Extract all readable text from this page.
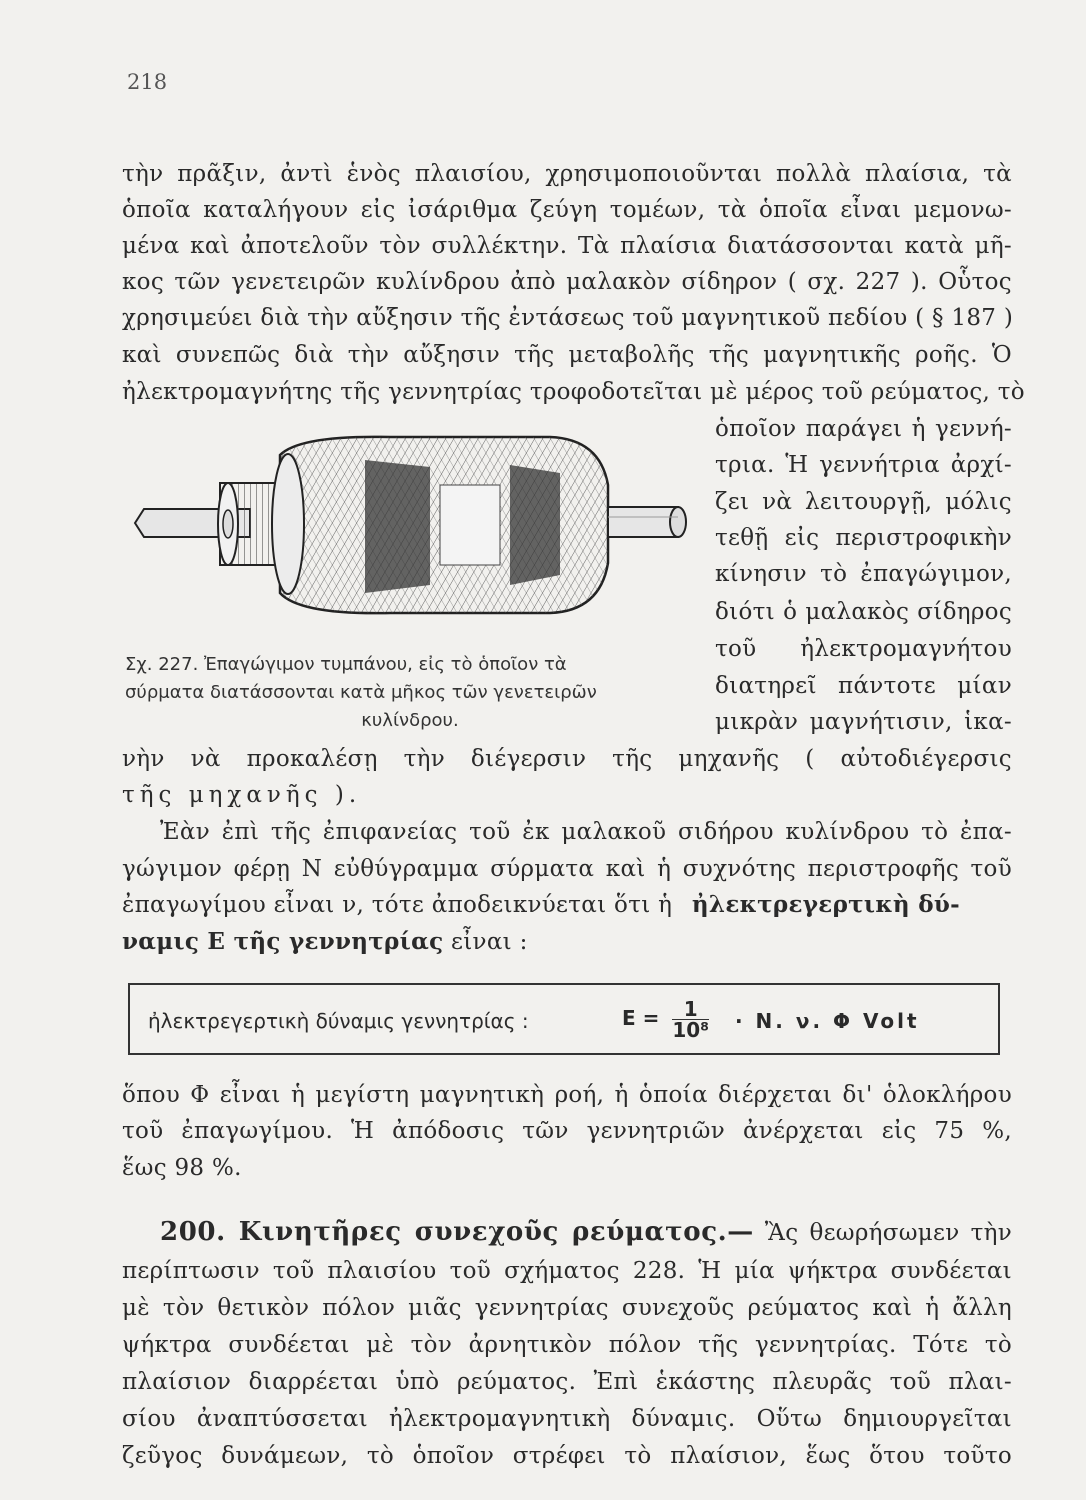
218
τὴν πρᾶξιν, ἀντὶ ἑνὸς πλαισίου, χρησιμοποιοῦνται πολλὰ πλαίσια, τὰ
ὁποῖα καταλήγουν εἰς ἰσάριθμα ζεύγη τομέων, τὰ ὁποῖα εἶναι μεμονω-
μένα καὶ ἀποτελοῦν τὸν συλλέκτην. Τὰ πλαίσια διατάσσονται κατὰ μῆ-
κος τῶν γενετειρῶν κυλίνδρου ἀπὸ μαλακὸν σίδηρον ( σχ. 227 ). Οὗτος
χρησιμεύει διὰ τὴν αὔξησιν τῆς ἐντάσεως τοῦ μαγνητικοῦ πεδίου ( § 187 )
καὶ συνεπῶς διὰ τὴν αὔξησιν τῆς μεταβολῆς τῆς μαγνητικῆς ροῆς. Ὁ
ἠλεκτρομαγνήτης τῆς γεννητρίας τροφοδοτεῖται μὲ μέρος τοῦ ρεύματος, τὸ
ὁποῖον παράγει ἡ γεννή-
τρια. Ἡ γεννήτρια ἀρχί-
ζει νὰ λειτουργῇ, μόλις
τεθῇ εἰς περιστροφικὴν
κίνησιν τὸ ἐπαγώγιμον,
διότι ὁ μαλακὸς σίδηρος
τοῦ ἠλεκτρομαγνήτου
διατηρεῖ πάντοτε μίαν
μικρὰν μαγνήτισιν, ἱκα-
Σχ. 227. Ἐπαγώγιμον τυμπάνου, εἰς τὸ ὁποῖον τὰ
σύρματα διατάσσονται κατὰ μῆκος τῶν γενετειρῶν
κυλίνδρου.
νὴν νὰ προκαλέσῃ τὴν διέγερσιν τῆς μηχανῆς ( αὐτοδιέγερσις
τῆς μηχανῆς ).
Ἐὰν ἐπὶ τῆς ἐπιφανείας τοῦ ἐκ μαλακοῦ σιδήρου κυλίνδρου τὸ ἐπα-
γώγιμον φέρῃ N εὐθύγραμμα σύρματα καὶ ἡ συχνότης περιστροφῆς τοῦ
ἐπαγωγίμου εἶναι ν, τότε ἀποδεικνύεται ὅτι ἡ ἠλεκτρεγερτικὴ δύ-
ναμις Ε τῆς γεννητρίας εἶναι :
ἠλεκτρεγερτικὴ δύναμις γεννητρίας :	$E = \frac{1}{\text{10⁸}} \cdot N$. ν. Φ Volt
ὅπου Φ εἶναι ἡ μεγίστη μαγνητικὴ ροή, ἡ ὁποία διέρχεται δι' ὁλοκλήρου
τοῦ ἐπαγωγίμου. Ἡ ἀπόδοσις τῶν γεννητριῶν ἀνέρχεται εἰς 75 %,
ἕως 98 %.
200. Κινητῆρες συνεχοῦς ρεύματος.— Ἂς θεωρήσωμεν τὴν
περίπτωσιν τοῦ πλαισίου τοῦ σχήματος 228. Ἡ μία ψήκτρα συνδέεται
μὲ τὸν θετικὸν πόλον μιᾶς γεννητρίας συνεχοῦς ρεύματος καὶ ἡ ἄλλη
ψήκτρα συνδέεται μὲ τὸν ἀρνητικὸν πόλον τῆς γεννητρίας. Τότε τὸ
πλαίσιον διαρρέεται ὑπὸ ρεύματος. Ἐπὶ ἑκάστης πλευρᾶς τοῦ πλαι-
σίου ἀναπτύσσεται ἠλεκτρομαγνητικὴ δύναμις. Οὕτω δημιουργεῖται
ζεῦγος δυνάμεων, τὸ ὁποῖον στρέφει τὸ πλαίσιον, ἕως ὅτου τοῦτο
